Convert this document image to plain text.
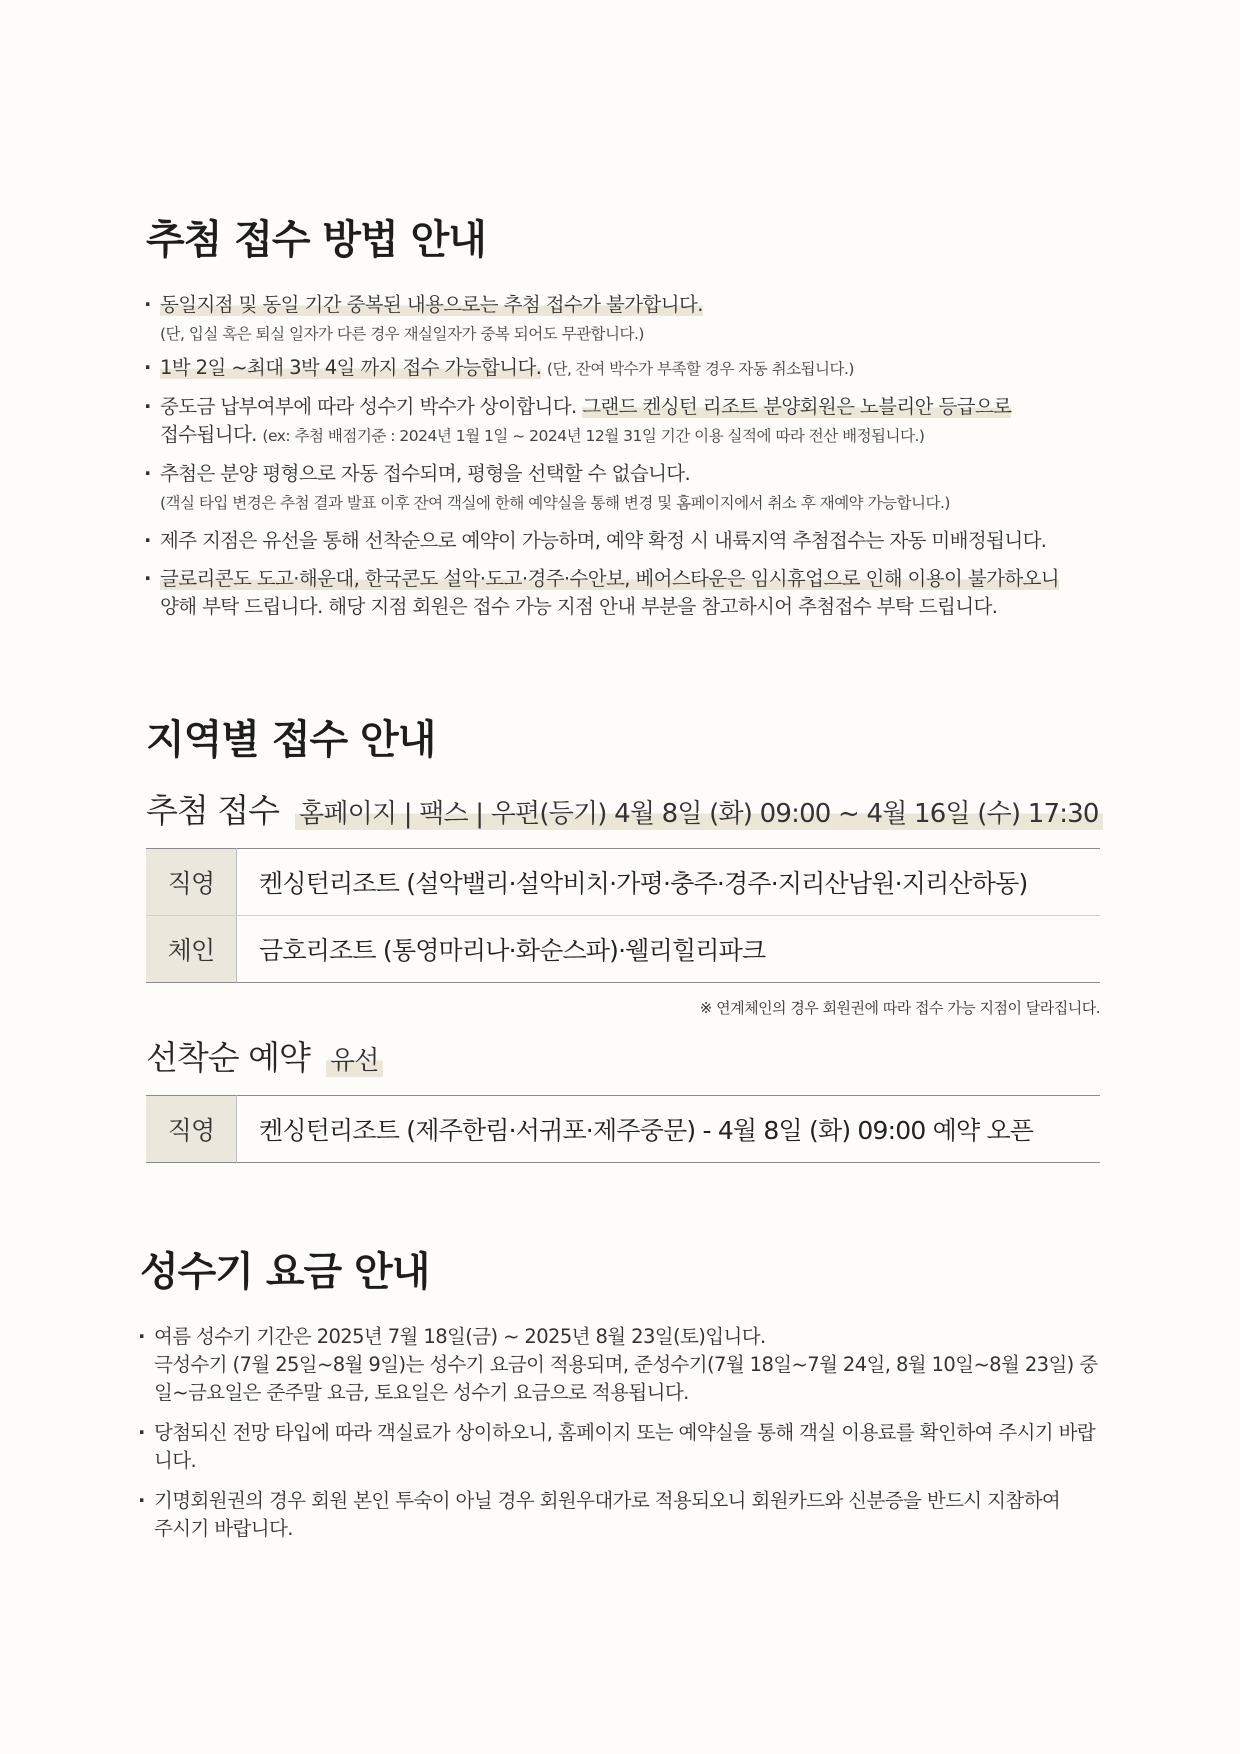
추첨 접수 방법 안내
· 동일지점 및 동일 기간 중복된 내용으로는 추첨 접수가 불가합니다.
(단, 입실 혹은 퇴실 일자가 다른 경우 재실일자가 중복 되어도 무관합니다.)
· 1박 2일 ~최대 3박 4일 까지 접수 가능합니다. (단, 잔여 박수가 부족할 경우 자동 취소됩니다.)
· 중도금 납부여부에 따라 성수기 박수가 상이합니다. 그랜드 켄싱턴 리조트 분양회원은 노블리안 등급으로
접수됩니다. (ex: 추첨 배점기준 : 2024년 1월 1일 ~ 2024년 12월 31일 기간 이용 실적에 따라 전산 배정됩니다.)
· 추첨은 분양 평형으로 자동 접수되며, 평형을 선택할 수 없습니다.
(객실 타입 변경은 추첨 결과 발표 이후 잔여 객실에 한해 예약실을 통해 변경 및 홈페이지에서 취소 후 재예약 가능합니다.)
· 제주 지점은 유선을 통해 선착순으로 예약이 가능하며, 예약 확정 시 내륙지역 추첨접수는 자동 미배정됩니다.
· 글로리콘도 도고·해운대, 한국콘도 설악·도고·경주·수안보, 베어스타운은 임시휴업으로 인해 이용이 불가하오니
양해 부탁 드립니다. 해당 지점 회원은 접수 가능 지점 안내 부분을 참고하시어 추첨접수 부탁 드립니다.
지역별 접수 안내
추첨 접수 홈페이지 | 팩스 | 우편(등기) 4월 8일 (화) 09:00 ~ 4월 16일 (수) 17:30
직영	켄싱턴리조트 (설악밸리·설악비치·가평·충주·경주·지리산남원·지리산하동)
체인	금호리조트 (통영마리나·화순스파)·웰리힐리파크
※ 연계체인의 경우 회원권에 따라 접수 가능 지점이 달라집니다.
선착순 예약 유선
직영	켄싱턴리조트 (제주한림·서귀포·제주중문) - 4월 8일 (화) 09:00 예약 오픈
성수기 요금 안내
· 여름 성수기 기간은 2025년 7월 18일(금) ~ 2025년 8월 23일(토)입니다.
극성수기 (7월 25일~8월 9일)는 성수기 요금이 적용되며, 준성수기(7월 18일~7월 24일, 8월 10일~8월 23일) 중
일~금요일은 준주말 요금, 토요일은 성수기 요금으로 적용됩니다.
· 당첨되신 전망 타입에 따라 객실료가 상이하오니, 홈페이지 또는 예약실을 통해 객실 이용료를 확인하여 주시기 바랍니다.
· 기명회원권의 경우 회원 본인 투숙이 아닐 경우 회원우대가로 적용되오니 회원카드와 신분증을 반드시 지참하여
주시기 바랍니다.
